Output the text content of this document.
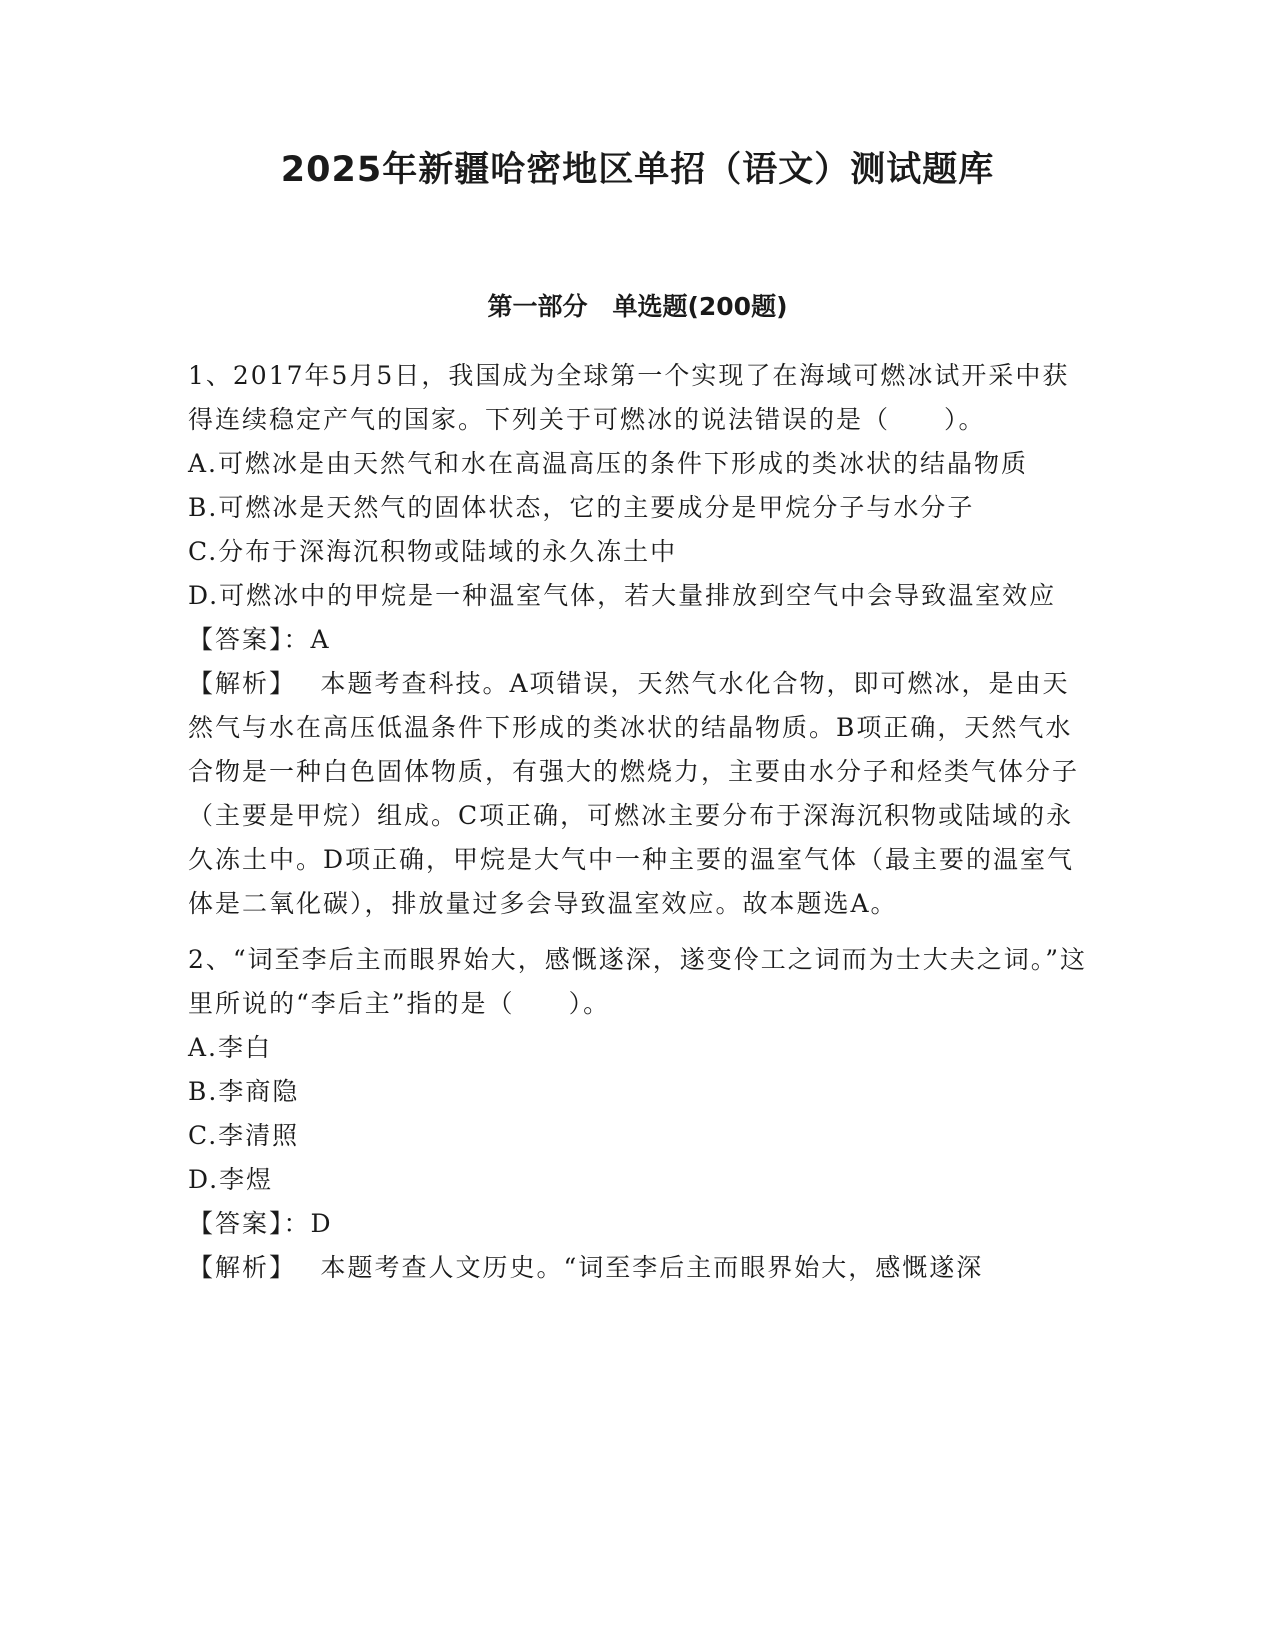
2025年新疆哈密地区单招（语文）测试题库
第一部分　单选题(200题)

1、2017年5月5日，我国成为全球第一个实现了在海域可燃冰试开采中获得连续稳定产气的国家。下列关于可燃冰的说法错误的是（　　）。

A.可燃冰是由天然气和水在高温高压的条件下形成的类冰状的结晶物质

B.可燃冰是天然气的固体状态，它的主要成分是甲烷分子与水分子

C.分布于深海沉积物或陆域的永久冻土中

D.可燃冰中的甲烷是一种温室气体，若大量排放到空气中会导致温室效应

【答案】：A

【解析】　 本题考查科技。A项错误，天然气水化合物，即可燃冰，是由天然气与水在高压低温条件下形成的类冰状的结晶物质。B项正确，天然气水合物是一种白色固体物质，有强大的燃烧力，主要由水分子和烃类气体分子（主要是甲烷）组成。C项正确，可燃冰主要分布于深海沉积物或陆域的永久冻土中。D项正确，甲烷是大气中一种主要的温室气体（最主要的温室气体是二氧化碳），排放量过多会导致温室效应。故本题选A。

2、“词至李后主而眼界始大，感慨遂深，遂变伶工之词而为士大夫之词。”这里所说的“李后主”指的是（　　）。

A.李白

B.李商隐

C.李清照

D.李煜

【答案】：D

【解析】　 本题考查人文历史。“词至李后主而眼界始大，感慨遂深
